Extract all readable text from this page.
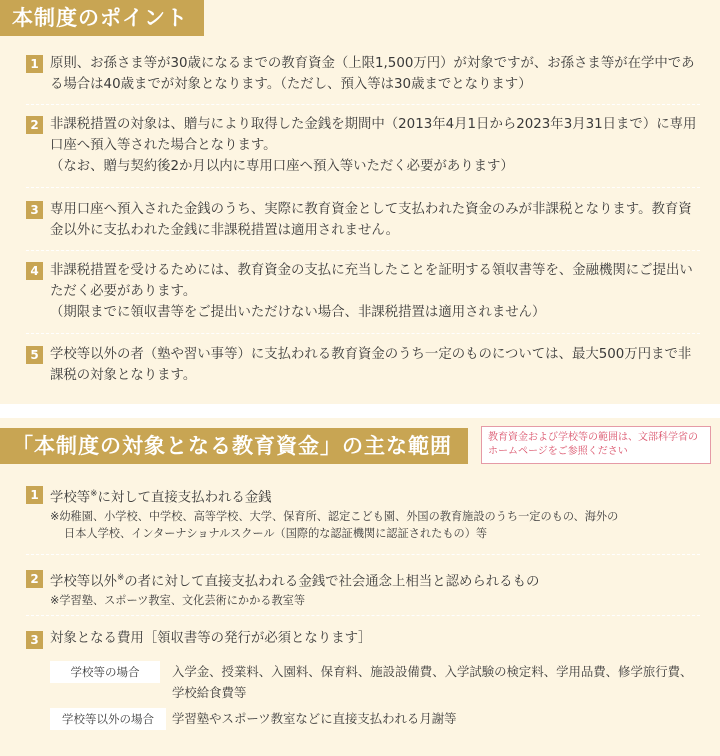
本制度のポイント
1 原則、お孫さま等が30歳になるまでの教育資金（上限1,500万円）が対象ですが、お孫さま等が在学中である場合は40歳までが対象となります。（ただし、預入等は30歳までとなります）
2 非課税措置の対象は、贈与により取得した金銭を期間中（2013年4月1日から2023年3月31日まで）に専用口座へ預入等された場合となります。
（なお、贈与契約後2か月以内に専用口座へ預入等いただく必要があります）
3 専用口座へ預入された金銭のうち、実際に教育資金として支払われた資金のみが非課税となります。教育資金以外に支払われた金銭に非課税措置は適用されません。
4 非課税措置を受けるためには、教育資金の支払に充当したことを証明する領収書等を、金融機関にご提出いただく必要があります。
（期限までに領収書等をご提出いただけない場合、非課税措置は適用されません）
5 学校等以外の者（塾や習い事等）に支払われる教育資金のうち一定のものについては、最大500万円まで非課税の対象となります。
「本制度の対象となる教育資金」の主な範囲	教育資金および学校等の範囲は、文部科学省のホームページをご参照ください
1 学校等※に対して直接支払われる金銭
※幼稚園、小学校、中学校、高等学校、大学、保育所、認定こども園、外国の教育施設のうち一定のもの、海外の
日本人学校、インターナショナルスクール（国際的な認証機関に認証されたもの）等
2 学校等以外※の者に対して直接支払われる金銭で社会通念上相当と認められるもの
※学習塾、スポーツ教室、文化芸術にかかる教室等
3 対象となる費用［領収書等の発行が必須となります］
学校等の場合	入学金、授業料、入園料、保育料、施設設備費、入学試験の検定料、学用品費、修学旅行費、学校給食費等
学校等以外の場合	学習塾やスポーツ教室などに直接支払われる月謝等
